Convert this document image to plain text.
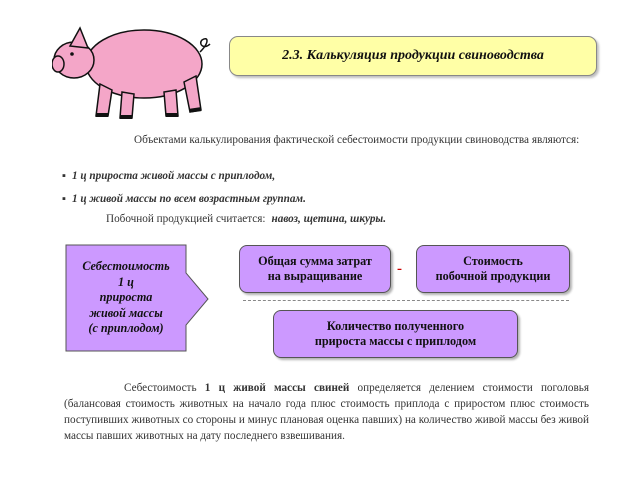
2.3. Калькуляция продукции свиноводства
Объектами калькулирования фактической себестоимости продукции свиноводства являются:
▪ 1 ц прироста живой массы с приплодом,
▪ 1 ц живой массы по всем возрастным группам.
Побочной продукцией считается: навоз, щетина, шкуры.
Себестоимость
1 ц
прироста
живой массы
(с приплодом)
Общая сумма затрат
на выращивание	-	Стоимость
побочной продукции
Количество полученного
прироста массы с приплодом
Себестоимость 1 ц живой массы свиней определяется делением стоимости поголовья (балансовая стоимость животных на начало года плюс стоимость приплода с приростом плюс стоимость поступивших животных со стороны и минус плановая оценка павших) на количество живой массы без живой массы павших животных на дату последнего взвешивания.
